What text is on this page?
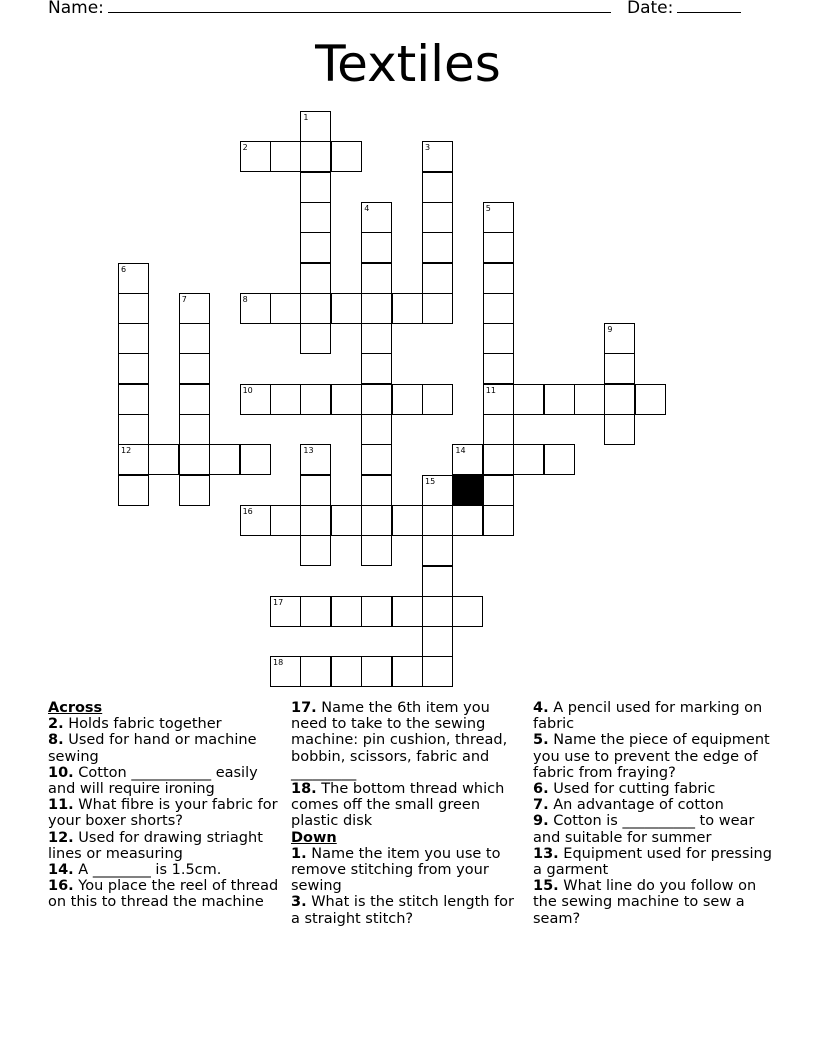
Name:	Date:
Textiles
1
2	3
4	5
11
6
12
7	8
9
10
13	14
15
16
17
18
Across
2. Holds fabric together
8. Used for hand or machine sewing
10. Cotton ___________ easily and will require ironing
11. What fibre is your fabric for your boxer shorts?
12. Used for drawing striaght lines or measuring
14. A ________ is 1.5cm.
16. You place the reel of thread on this to thread the machine
17. Name the 6th item you need to take to the sewing machine: pin cushion, thread, bobbin, scissors, fabric and _________
18. The bottom thread which comes off the small green plastic disk
Down
1. Name the item you use to remove stitching from your sewing
3. What is the stitch length for a straight stitch?
4. A pencil used for marking on fabric
5. Name the piece of equipment you use to prevent the edge of fabric from fraying?
6. Used for cutting fabric
7. An advantage of cotton
9. Cotton is __________ to wear and suitable for summer
13. Equipment used for pressing a garment
15. What line do you follow on the sewing machine to sew a seam?
